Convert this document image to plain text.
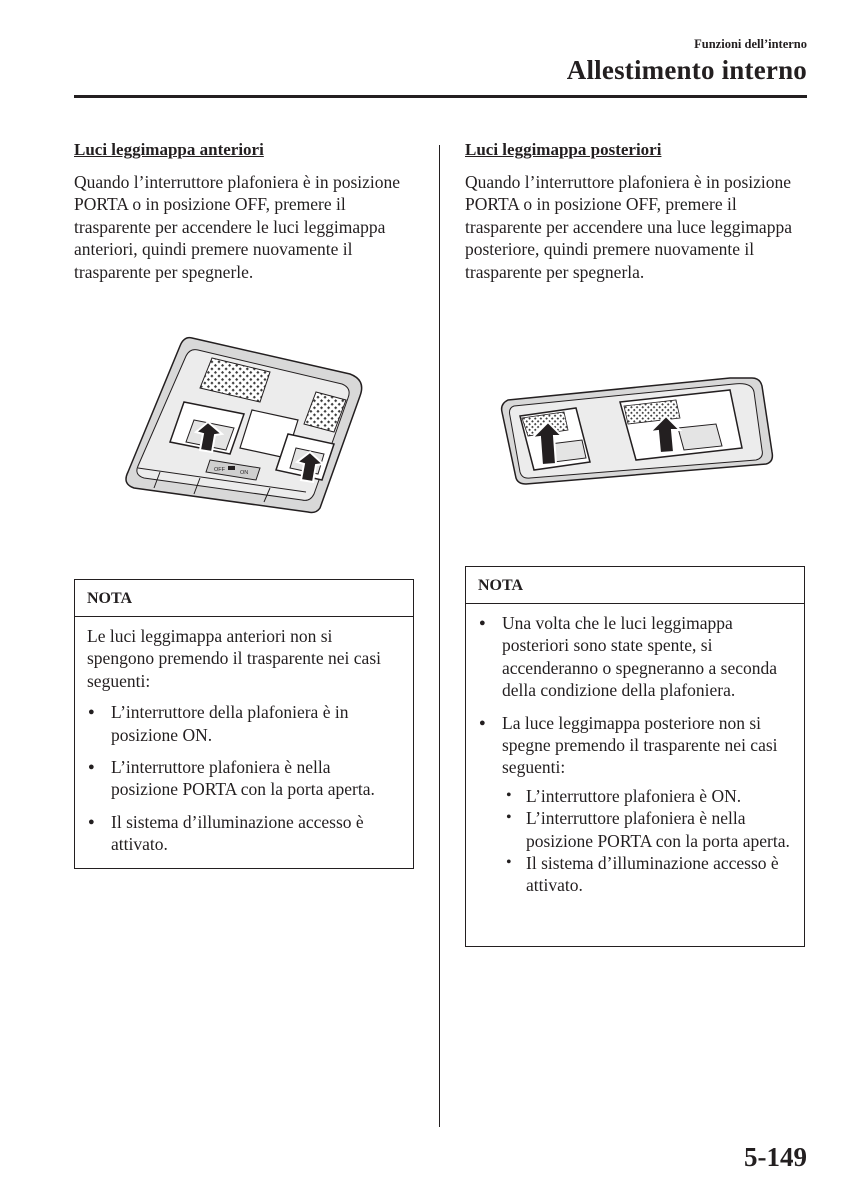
Funzioni dell’interno
Allestimento interno
Luci leggimappa anteriori

Quando l’interruttore plafoniera è in posizione PORTA o in posizione OFF, premere il trasparente per accendere le luci leggimappa anteriori, quindi premere nuovamente il trasparente per spegnerle.

OFF	ON
NOTA

Le luci leggimappa anteriori non si spengono premendo il trasparente nei casi seguenti:

● L’interruttore della plafoniera è in posizione ON.
● L’interruttore plafoniera è nella posizione PORTA con la porta aperta.
● Il sistema d’illuminazione accesso è attivato.
Luci leggimappa posteriori

Quando l’interruttore plafoniera è in posizione PORTA o in posizione OFF, premere il trasparente per accendere una luce leggimappa posteriore, quindi premere nuovamente il trasparente per spegnerla.

NOTA
● Una volta che le luci leggimappa posteriori sono state spente, si accenderanno o spegneranno a seconda della condizione della plafoniera.
● La luce leggimappa posteriore non si spegne premendo il trasparente nei casi seguenti:
• L’interruttore plafoniera è ON.
• L’interruttore plafoniera è nella posizione PORTA con la porta aperta.
• Il sistema d’illuminazione accesso è attivato.
5-149
